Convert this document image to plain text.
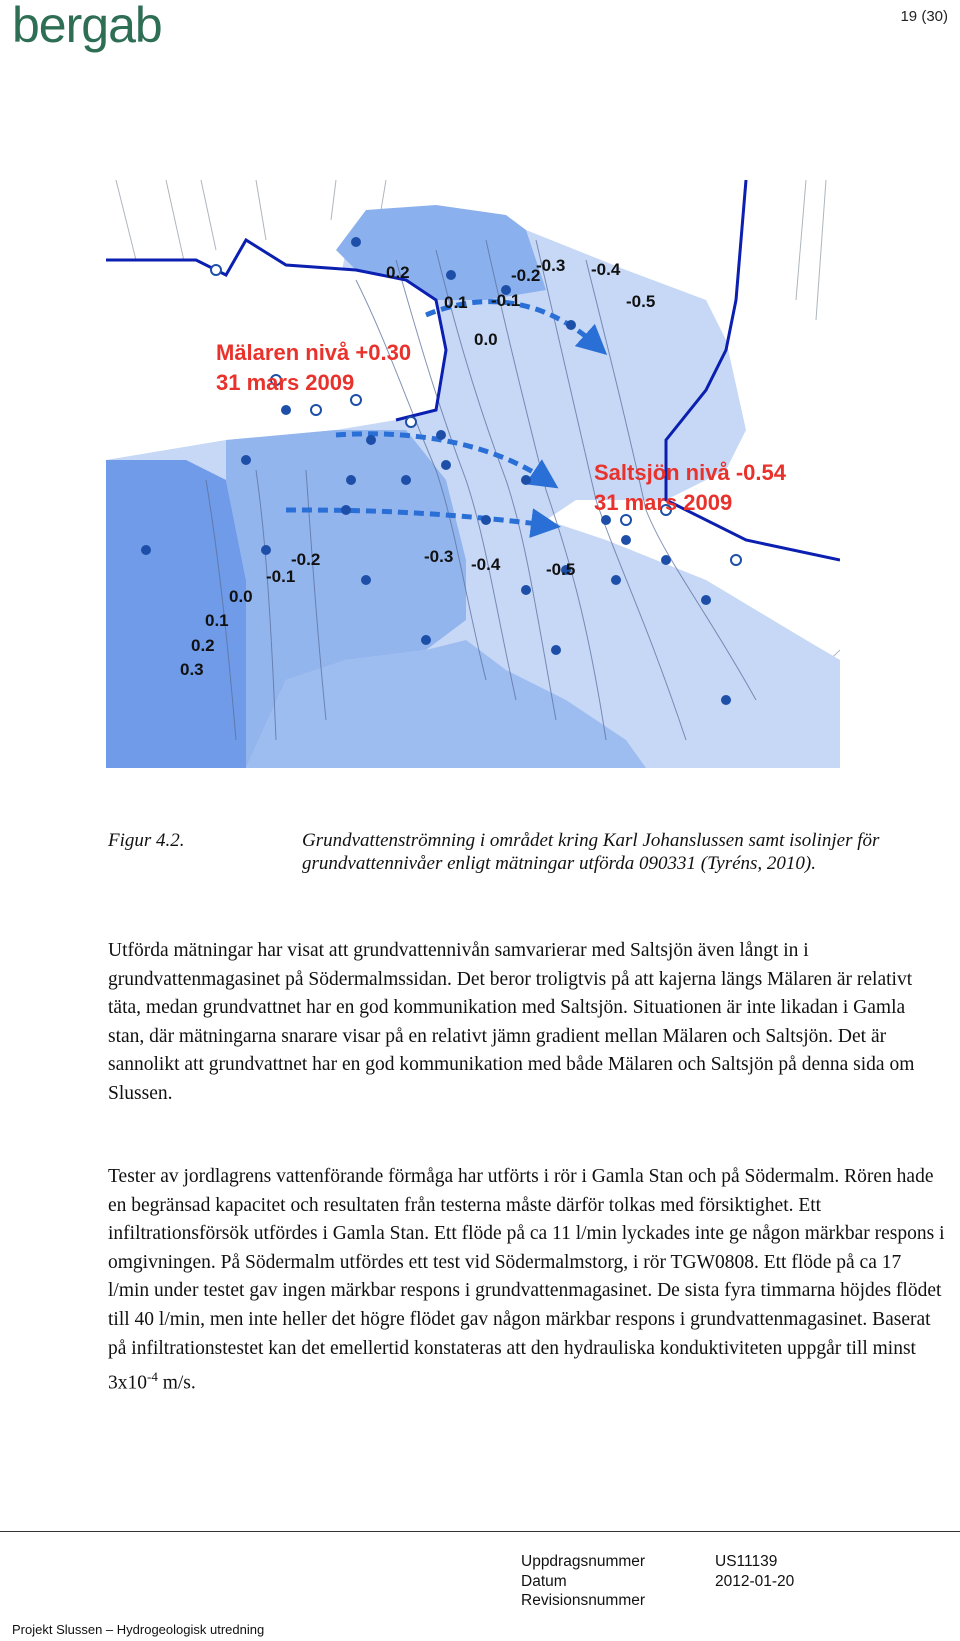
bergab	19 (30)
0.2
0.1 -0.1
-0.2
-0.3 -0.4
-0.5
0.0
-0.2
-0.1
0.0
0.1
0.2
0.3
-0.3 -0.4	-0.5
Mälaren nivå +0.30
31 mars 2009
Saltsjön nivå -0.54
31 mars 2009
Figur 4.2.	Grundvattenströmning i området kring Karl Johanslussen samt isolinjer för grundvattennivåer enligt mätningar utförda 090331 (Tyréns, 2010).

Utförda mätningar har visat att grundvattennivån samvarierar med Saltsjön även långt in i grundvattenmagasinet på Södermalmssidan. Det beror troligtvis på att kajerna längs Mälaren är relativt täta, medan grundvattnet har en god kommunikation med Saltsjön. Situationen är inte likadan i Gamla stan, där mätningarna snarare visar på en relativt jämn gradient mellan Mälaren och Saltsjön. Det är sannolikt att grundvattnet har en god kommunikation med både Mälaren och Saltsjön på denna sida om Slussen.

Tester av jordlagrens vattenförande förmåga har utförts i rör i Gamla Stan och på Södermalm. Rören hade en begränsad kapacitet och resultaten från testerna måste därför tolkas med försiktighet. Ett infiltrationsförsök utfördes i Gamla Stan. Ett flöde på ca 11 l/min lyckades inte ge någon märkbar respons i omgivningen. På Södermalm utfördes ett test vid Södermalmstorg, i rör TGW0808. Ett flöde på ca 17 l/min under testet gav ingen märkbar respons i grundvattenmagasinet. De sista fyra timmarna höjdes flödet till 40 l/min, men inte heller det högre flödet gav någon märkbar respons i grundvattenmagasinet. Baserat på infiltrationstestet kan det emellertid konstateras att den hydrauliska konduktiviteten uppgår till minst $3x10^{-4}$ m/s.

Uppdragsnummer	US11139
Datum	2012-01-20
Revisionsnummer
Projekt Slussen – Hydrogeologisk utredning
